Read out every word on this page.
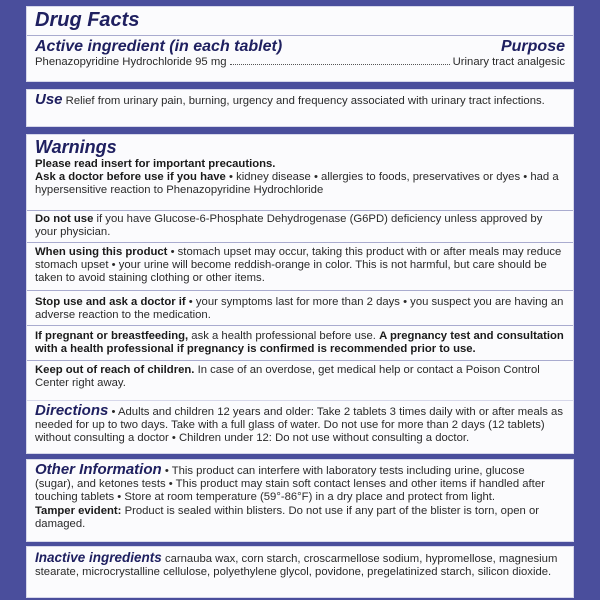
Drug Facts
Active ingredient (in each tablet)	Purpose
Phenazopyridine Hydrochloride 95 mg	Urinary tract analgesic
Use Relief from urinary pain, burning, urgency and frequency associated with urinary tract infections.
Warnings
Please read insert for important precautions.
Ask a doctor before use if you have • kidney disease • allergies to foods, preservatives or dyes • had a hypersensitive reaction to Phenazopyridine Hydrochloride
Do not use if you have Glucose-6-Phosphate Dehydrogenase (G6PD) deficiency unless approved by your physician.
When using this product • stomach upset may occur, taking this product with or after meals may reduce stomach upset • your urine will become reddish-orange in color. This is not harmful, but care should be taken to avoid staining clothing or other items.
Stop use and ask a doctor if • your symptoms last for more than 2 days • you suspect you are having an adverse reaction to the medication.
If pregnant or breastfeeding, ask a health professional before use. A pregnancy test and consultation with a health professional if pregnancy is confirmed is recommended prior to use.
Keep out of reach of children. In case of an overdose, get medical help or contact a Poison Control Center right away.
Directions • Adults and children 12 years and older: Take 2 tablets 3 times daily with or after meals as needed for up to two days. Take with a full glass of water. Do not use for more than 2 days (12 tablets) without consulting a doctor • Children under 12: Do not use without consulting a doctor.
Other Information • This product can interfere with laboratory tests including urine, glucose (sugar), and ketones tests • This product may stain soft contact lenses and other items if handled after touching tablets • Store at room temperature (59°-86°F) in a dry place and protect from light.
Tamper evident: Product is sealed within blisters. Do not use if any part of the blister is torn, open or damaged.
Inactive ingredients carnauba wax, corn starch, croscarmellose sodium, hypromellose, magnesium stearate, microcrystalline cellulose, polyethylene glycol, povidone, pregelatinized starch, silicon dioxide.
